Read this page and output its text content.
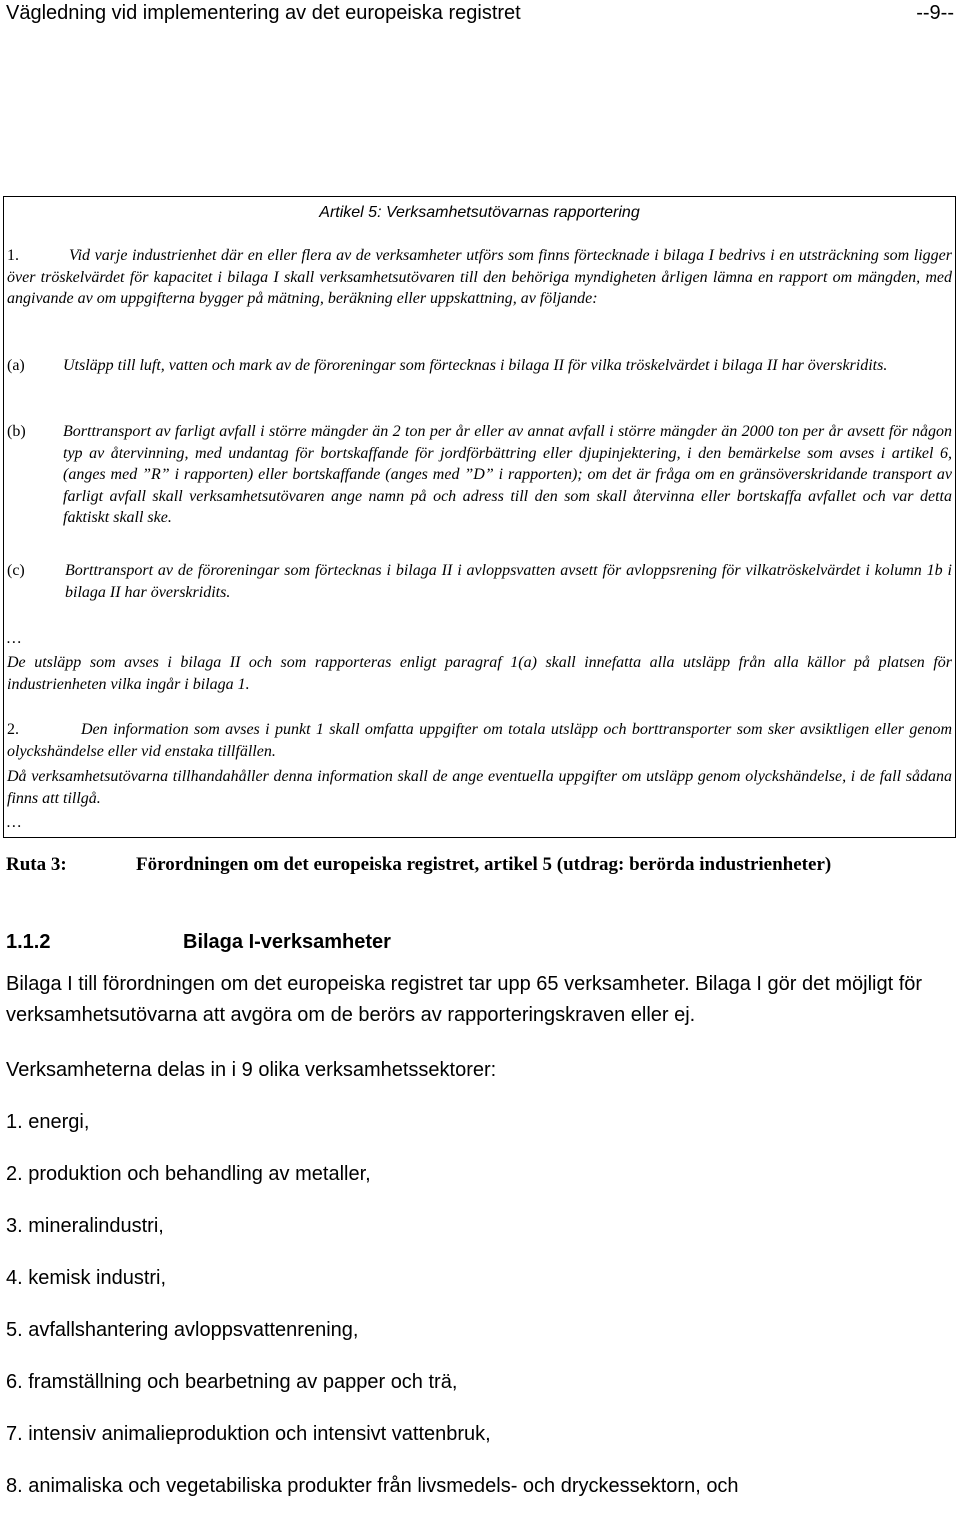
Vägledning vid implementering av det europeiska registret	--9--
Artikel 5: Verksamhetsutövarnas rapportering
1.	Vid varje industrienhet där en eller flera av de verksamheter utförs som finns förtecknade i bilaga I bedrivs i en utsträckning som ligger över tröskelvärdet för kapacitet i bilaga I skall verksamhetsutövaren till den behöriga myndigheten årligen lämna en rapport om mängden, med angivande av om uppgifterna bygger på mätning, beräkning eller uppskattning, av följande:
(a) Utsläpp till luft, vatten och mark av de föroreningar som förtecknas i bilaga II för vilka tröskelvärdet i bilaga II har överskridits.
(b) Borttransport av farligt avfall i större mängder än 2 ton per år eller av annat avfall i större mängder än 2000 ton per år avsett för någon typ av återvinning, med undantag för bortskaffande för jordförbättring eller djupinjektering, i den bemärkelse som avses i artikel 6, (anges med ”R” i rapporten) eller bortskaffande (anges med ”D” i rapporten); om det är fråga om en gränsöverskridande transport av farligt avfall skall verksamhetsutövaren ange namn på och adress till den som skall återvinna eller bortskaffa avfallet och var detta faktiskt skall ske.
(c)	Borttransport av de föroreningar som förtecknas i bilaga II i avloppsvatten avsett för avloppsrening för vilkatröskelvärdet i kolumn 1b i bilaga II har överskridits.
…
De utsläpp som avses i bilaga II och som rapporteras enligt paragraf 1(a) skall innefatta alla utsläpp från alla källor på platsen för industrienheten vilka ingår i bilaga 1.
2.	Den information som avses i punkt 1 skall omfatta uppgifter om totala utsläpp och borttransporter som sker avsiktligen eller genom olyckshändelse eller vid enstaka tillfällen.
Då verksamhetsutövarna tillhandahåller denna information skall de ange eventuella uppgifter om utsläpp genom olyckshändelse, i de fall sådana finns att tillgå.
…
Ruta 3:	Förordningen om det europeiska registret, artikel 5 (utdrag: berörda industrienheter)
1.1.2	Bilaga I-verksamheter
Bilaga I till förordningen om det europeiska registret tar upp 65 verksamheter. Bilaga I gör det möjligt för verksamhetsutövarna att avgöra om de berörs av rapporteringskraven eller ej.
Verksamheterna delas in i 9 olika verksamhetssektorer:
1. energi,
2. produktion och behandling av metaller,
3. mineralindustri,
4. kemisk industri,
5. avfallshantering avloppsvattenrening,
6. framställning och bearbetning av papper och trä,
7. intensiv animalieproduktion och intensivt vattenbruk,
8. animaliska och vegetabiliska produkter från livsmedels- och dryckessektorn, och
